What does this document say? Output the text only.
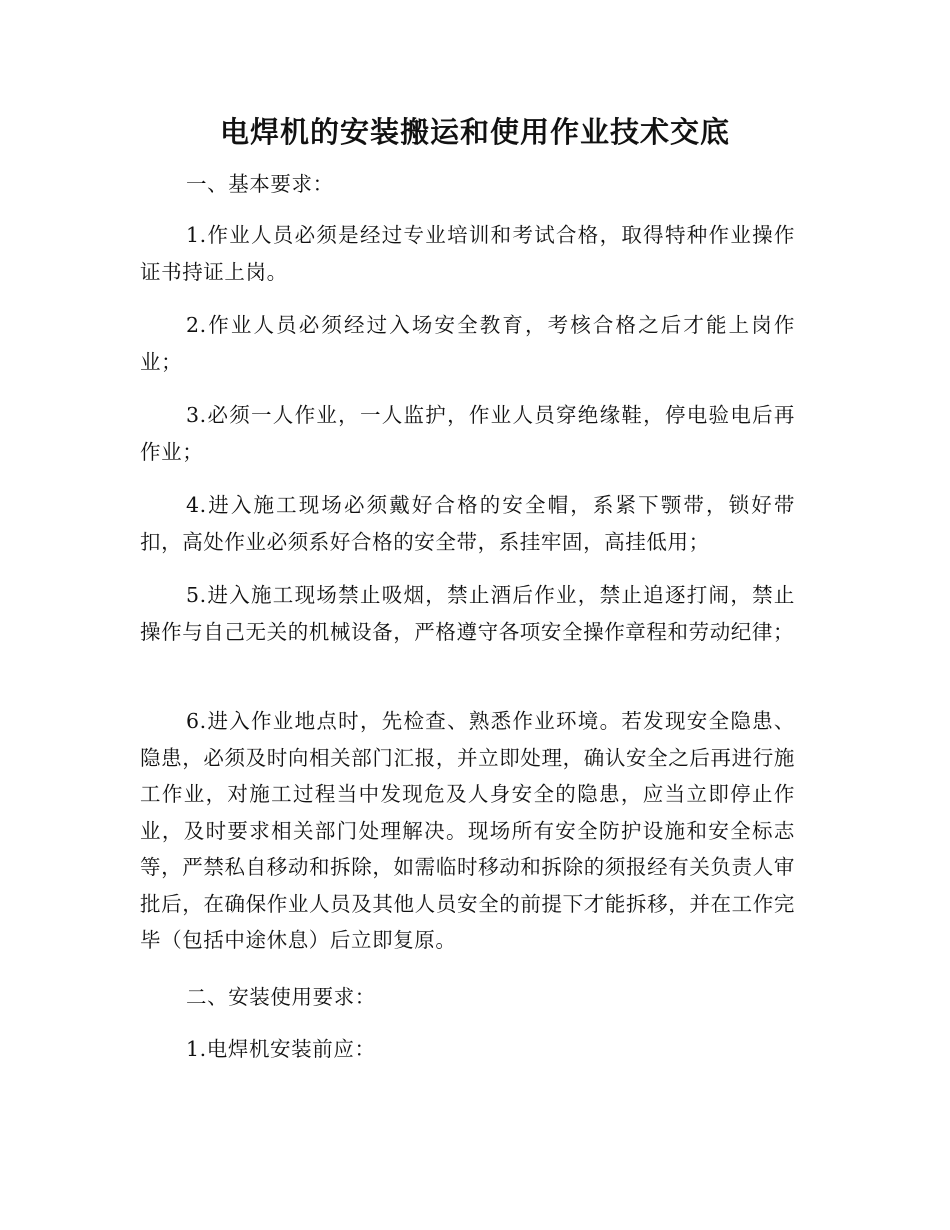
电焊机的安装搬运和使用作业技术交底

一、基本要求：

1.作业人员必须是经过专业培训和考试合格，取得特种作业操作证书持证上岗。

2.作业人员必须经过入场安全教育，考核合格之后才能上岗作业；

3.必须一人作业，一人监护，作业人员穿绝缘鞋，停电验电后再作业；

4.进入施工现场必须戴好合格的安全帽，系紧下颚带，锁好带扣，高处作业必须系好合格的安全带，系挂牢固，高挂低用；

5.进入施工现场禁止吸烟，禁止酒后作业，禁止追逐打闹，禁止操作与自己无关的机械设备，严格遵守各项安全操作章程和劳动纪律；

6.进入作业地点时，先检查、熟悉作业环境。若发现安全隐患、隐患，必须及时向相关部门汇报，并立即处理，确认安全之后再进行施工作业，对施工过程当中发现危及人身安全的隐患，应当立即停止作业，及时要求相关部门处理解决。现场所有安全防护设施和安全标志等，严禁私自移动和拆除，如需临时移动和拆除的须报经有关负责人审批后，在确保作业人员及其他人员安全的前提下才能拆移，并在工作完毕（包括中途休息）后立即复原。

二、安装使用要求：

1.电焊机安装前应：
